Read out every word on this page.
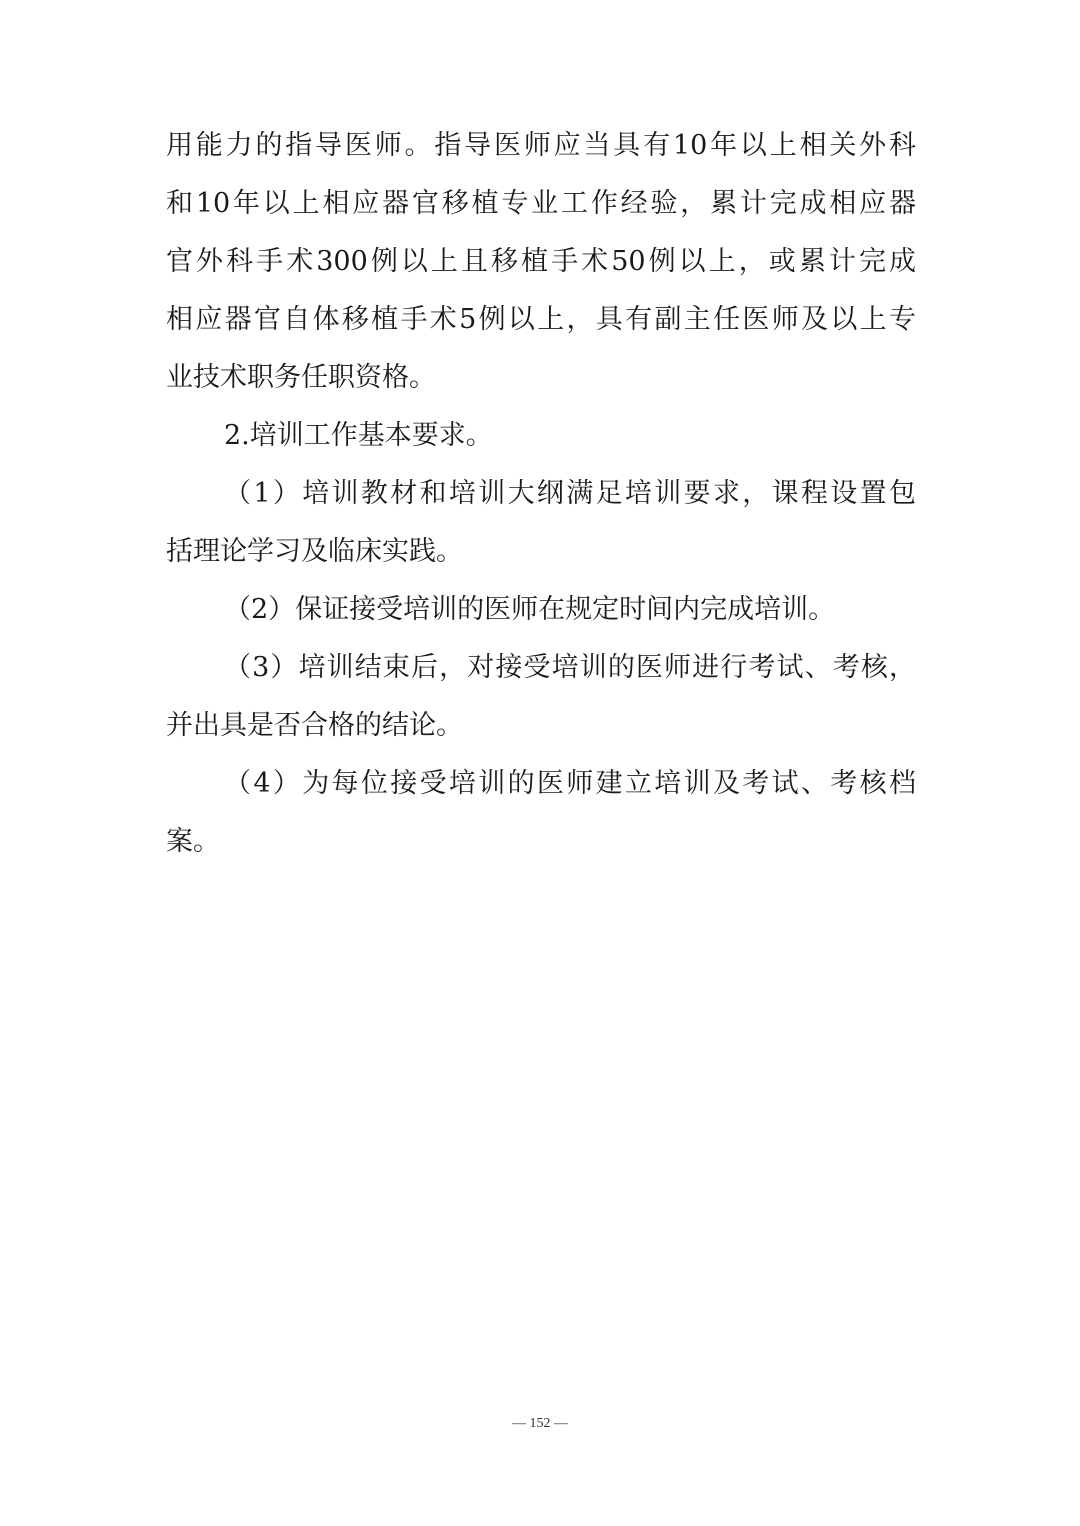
用能力的指导医师。指导医师应当具有10年以上相关外科
和10年以上相应器官移植专业工作经验，累计完成相应器
官外科手术300例以上且移植手术50例以上，或累计完成
相应器官自体移植手术5例以上，具有副主任医师及以上专
业技术职务任职资格。
2.培训工作基本要求。
（1）培训教材和培训大纲满足培训要求，课程设置包
括理论学习及临床实践。
（2）保证接受培训的医师在规定时间内完成培训。
（3）培训结束后，对接受培训的医师进行考试、考核，
并出具是否合格的结论。
（4）为每位接受培训的医师建立培训及考试、考核档
案。
— 152 —
